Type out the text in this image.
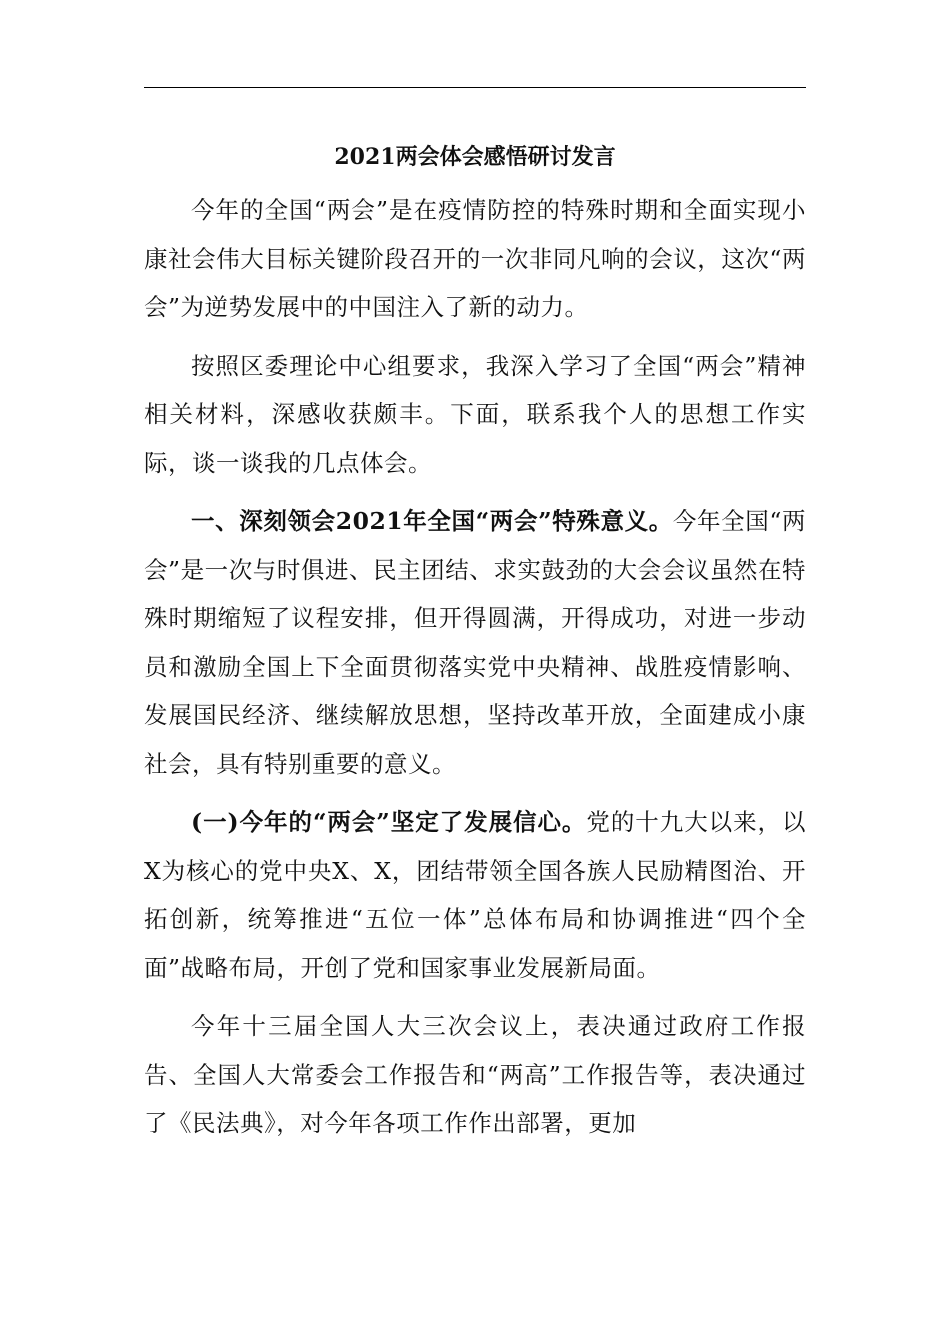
2021两会体会感悟研讨发言

今年的全国“两会”是在疫情防控的特殊时期和全面实现小康社会伟大目标关键阶段召开的一次非同凡响的会议，这次“两会”为逆势发展中的中国注入了新的动力。

按照区委理论中心组要求，我深入学习了全国“两会”精神相关材料，深感收获颇丰。下面，联系我个人的思想工作实际，谈一谈我的几点体会。

一、深刻领会2021年全国“两会”特殊意义。今年全国“两会”是一次与时俱进、民主团结、求实鼓劲的大会会议虽然在特殊时期缩短了议程安排，但开得圆满，开得成功，对进一步动员和激励全国上下全面贯彻落实党中央精神、战胜疫情影响、发展国民经济、继续解放思想，坚持改革开放，全面建成小康社会，具有特别重要的意义。

(一)今年的“两会”坚定了发展信心。党的十九大以来，以X为核心的党中央X、X，团结带领全国各族人民励精图治、开拓创新，统筹推进“五位一体”总体布局和协调推进“四个全面”战略布局，开创了党和国家事业发展新局面。

今年十三届全国人大三次会议上，表决通过政府工作报告、全国人大常委会工作报告和“两高”工作报告等，表决通过了《民法典》，对今年各项工作作出部署，更加
